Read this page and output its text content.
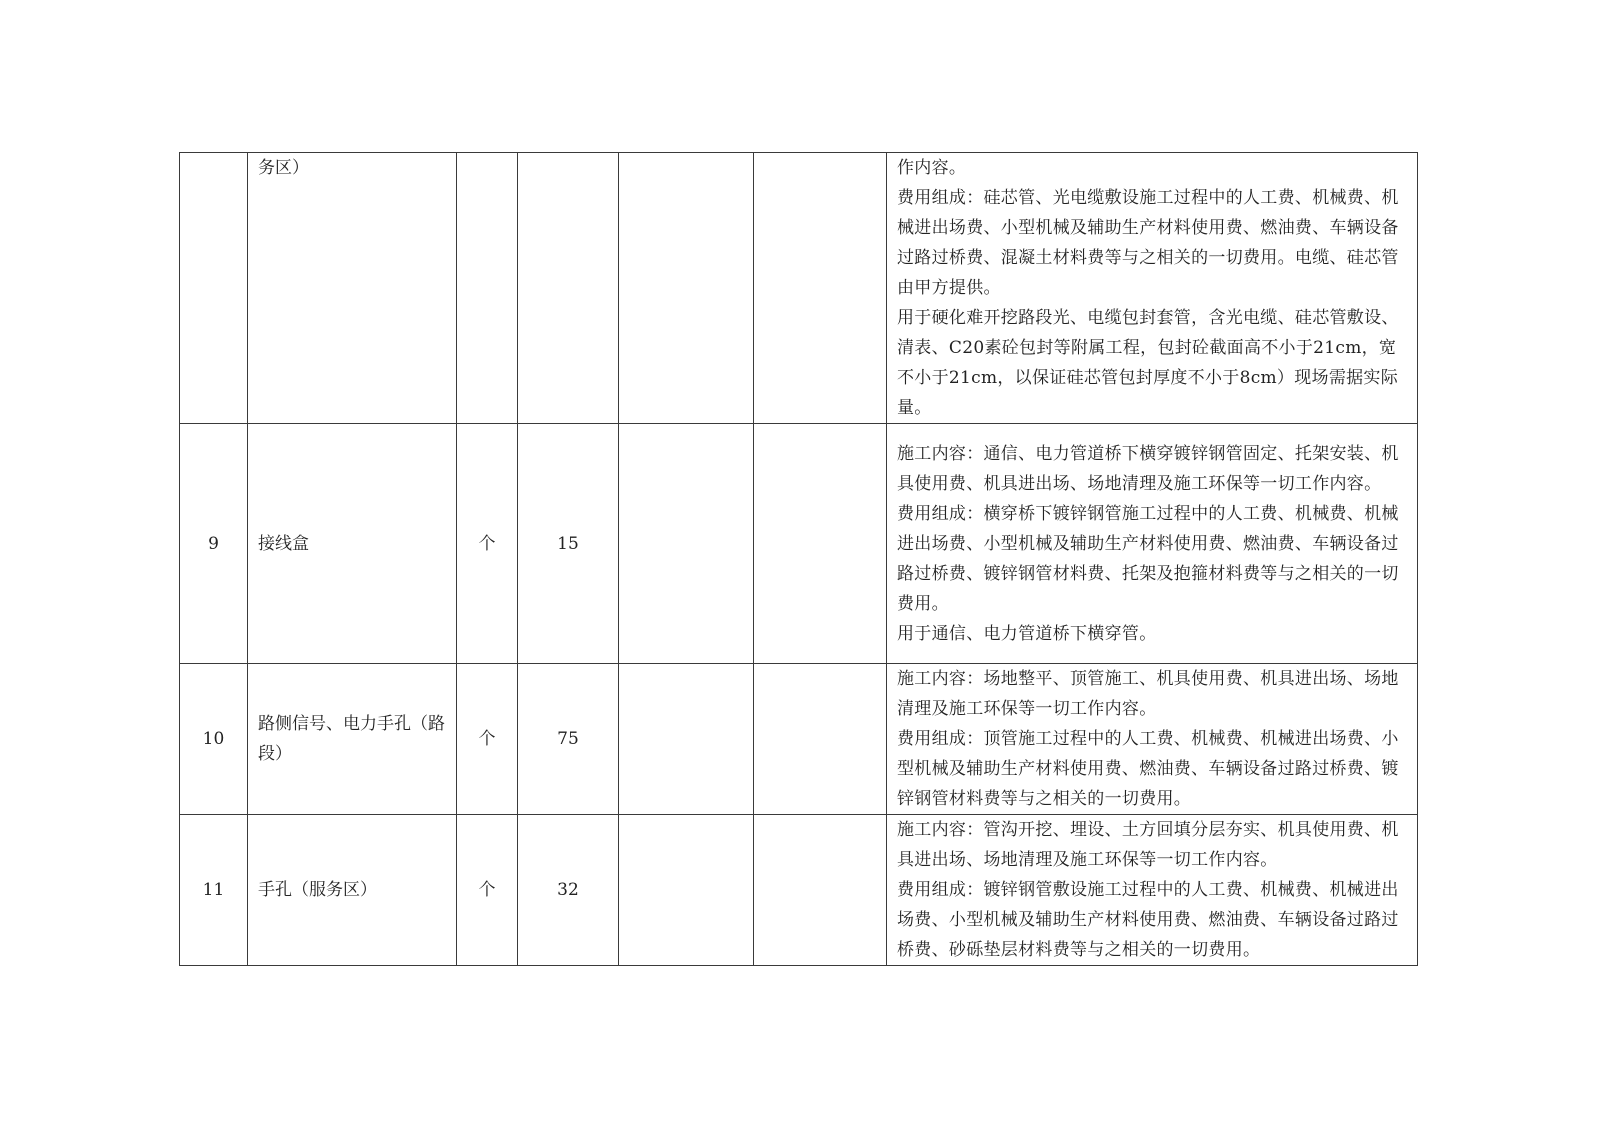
	务区）					作内容。

费用组成：硅芯管、光电缆敷设施工过程中的人工费、机械费、机械进出场费、小型机械及辅助生产材料使用费、燃油费、车辆设备过路过桥费、混凝土材料费等与之相关的一切费用。电缆、硅芯管由甲方提供。

用于硬化难开挖路段光、电缆包封套管，含光电缆、硅芯管敷设、清表、C20素砼包封等附属工程，包封砼截面高不小于21cm，宽不小于21cm，以保证硅芯管包封厚度不小于8cm）现场需据实际量。

9	接线盒	个	15			施工内容：通信、电力管道桥下横穿镀锌钢管固定、托架安装、机具使用费、机具进出场、场地清理及施工环保等一切工作内容。

费用组成：横穿桥下镀锌钢管施工过程中的人工费、机械费、机械进出场费、小型机械及辅助生产材料使用费、燃油费、车辆设备过路过桥费、镀锌钢管材料费、托架及抱箍材料费等与之相关的一切费用。

用于通信、电力管道桥下横穿管。

10	路侧信号、电力手孔（路段）	个	75			施工内容：场地整平、顶管施工、机具使用费、机具进出场、场地清理及施工环保等一切工作内容。

费用组成：顶管施工过程中的人工费、机械费、机械进出场费、小型机械及辅助生产材料使用费、燃油费、车辆设备过路过桥费、镀锌钢管材料费等与之相关的一切费用。

11	手孔（服务区）	个	32			施工内容：管沟开挖、埋设、土方回填分层夯实、机具使用费、机具进出场、场地清理及施工环保等一切工作内容。

费用组成：镀锌钢管敷设施工过程中的人工费、机械费、机械进出场费、小型机械及辅助生产材料使用费、燃油费、车辆设备过路过桥费、砂砾垫层材料费等与之相关的一切费用。
